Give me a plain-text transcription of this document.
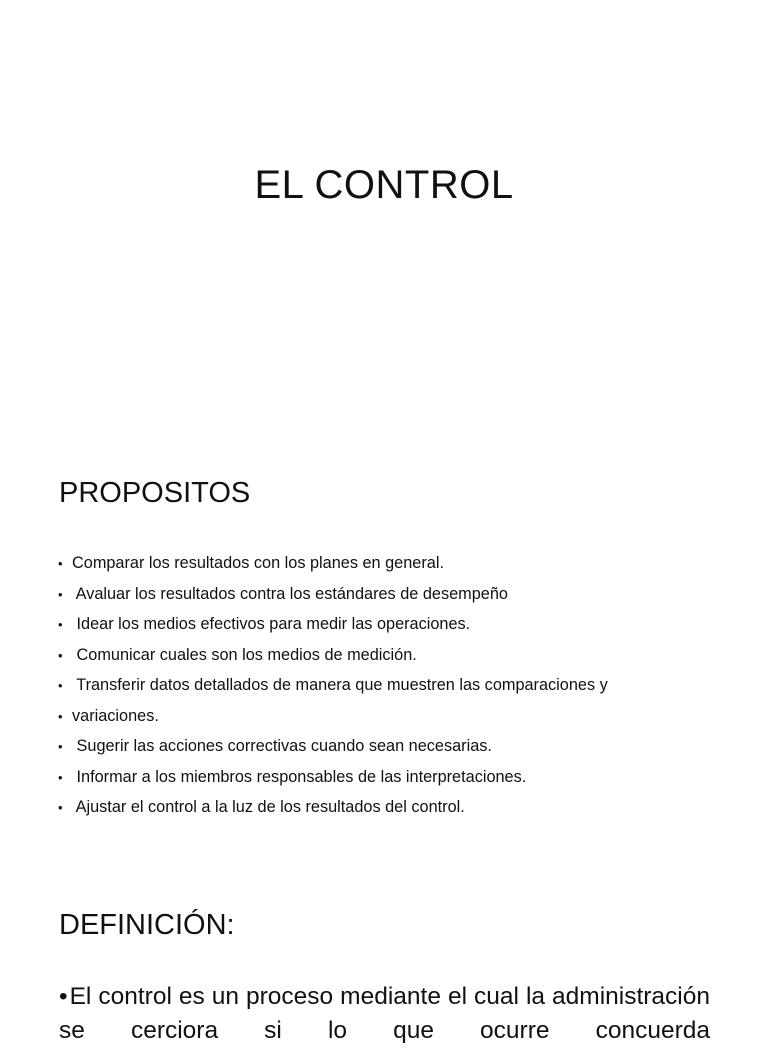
EL CONTROL
PROPOSITOS
• Comparar los resultados con los planes en general.
• Avaluar los resultados contra los estándares de desempeño
• Idear los medios efectivos para medir las operaciones.
• Comunicar cuales son los medios de medición.
• Transferir datos detallados de manera que muestren las comparaciones y
• variaciones.
• Sugerir las acciones correctivas cuando sean necesarias.
• Informar a los miembros responsables de las interpretaciones.
• Ajustar el control a la luz de los resultados del control.
DEFINICIÓN:

•El control es un proceso mediante el cual la administración se cerciora si lo que ocurre concuerda
